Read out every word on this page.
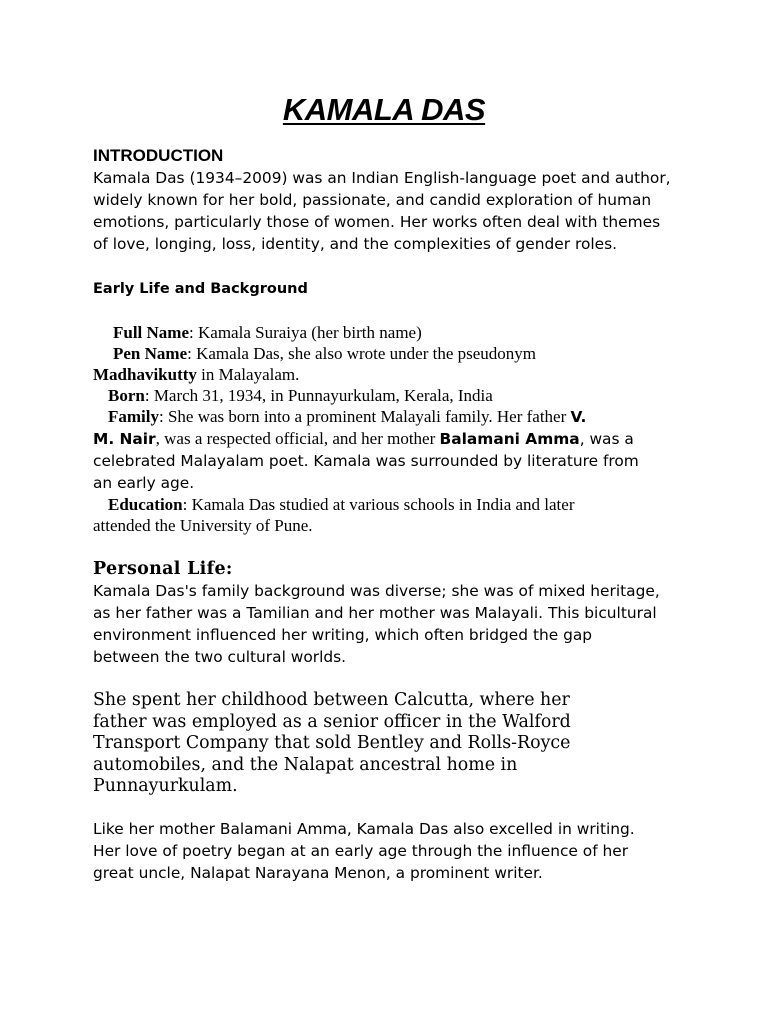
KAMALA DAS
INTRODUCTION
Kamala Das (1934–2009) was an Indian English-language poet and author,
widely known for her bold, passionate, and candid exploration of human
emotions, particularly those of women. Her works often deal with themes
of love, longing, loss, identity, and the complexities of gender roles.
Early Life and Background
Full Name: Kamala Suraiya (her birth name)
Pen Name: Kamala Das, she also wrote under the pseudonym
Madhavikutty in Malayalam.
Born: March 31, 1934, in Punnayurkulam, Kerala, India
Family: She was born into a prominent Malayali family. Her father V.
M. Nair, was a respected official, and her mother Balamani Amma, was a
celebrated Malayalam poet. Kamala was surrounded by literature from
an early age.
Education: Kamala Das studied at various schools in India and later
attended the University of Pune.
Personal Life:
Kamala Das's family background was diverse; she was of mixed heritage,
as her father was a Tamilian and her mother was Malayali. This bicultural
environment influenced her writing, which often bridged the gap
between the two cultural worlds.
She spent her childhood between Calcutta, where her
father was employed as a senior officer in the Walford
Transport Company that sold Bentley and Rolls-Royce
automobiles, and the Nalapat ancestral home in
Punnayurkulam.
Like her mother Balamani Amma, Kamala Das also excelled in writing.
Her love of poetry began at an early age through the influence of her
great uncle, Nalapat Narayana Menon, a prominent writer.
